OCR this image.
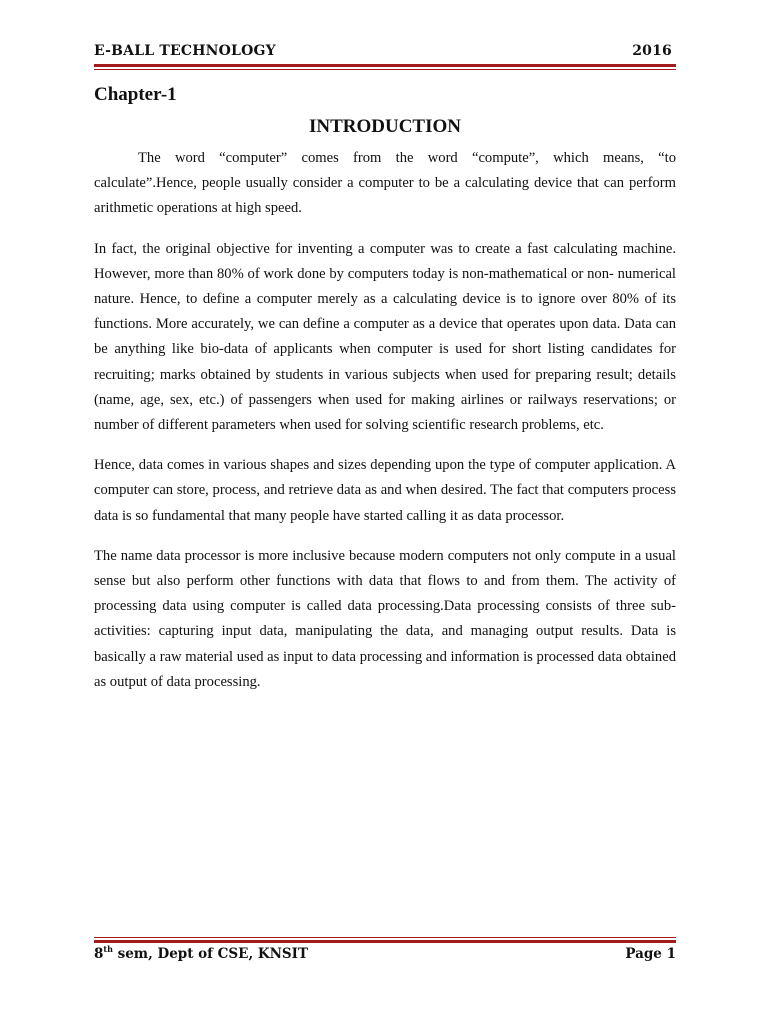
E-BALL TECHNOLOGY	2016
Chapter-1
INTRODUCTION

The word “computer” comes from the word “compute”, which means, “to calculate”.Hence, people usually consider a computer to be a calculating device that can perform arithmetic operations at high speed.

In fact, the original objective for inventing a computer was to create a fast calculating machine. However, more than 80% of work done by computers today is non-mathematical or non- numerical nature. Hence, to define a computer merely as a calculating device is to ignore over 80% of its functions. More accurately, we can define a computer as a device that operates upon data. Data can be anything like bio-data of applicants when computer is used for short listing candidates for recruiting; marks obtained by students in various subjects when used for preparing result; details (name, age, sex, etc.) of passengers when used for making airlines or railways reservations; or number of different parameters when used for solving scientific research problems, etc.

Hence, data comes in various shapes and sizes depending upon the type of computer application. A computer can store, process, and retrieve data as and when desired. The fact that computers process data is so fundamental that many people have started calling it as data processor.

The name data processor is more inclusive because modern computers not only compute in a usual sense but also perform other functions with data that flows to and from them. The activity of processing data using computer is called data processing.Data processing consists of three sub-activities: capturing input data, manipulating the data, and managing output results. Data is basically a raw material used as input to data processing and information is processed data obtained as output of data processing.

8th sem, Dept of CSE, KNSIT	Page 1
